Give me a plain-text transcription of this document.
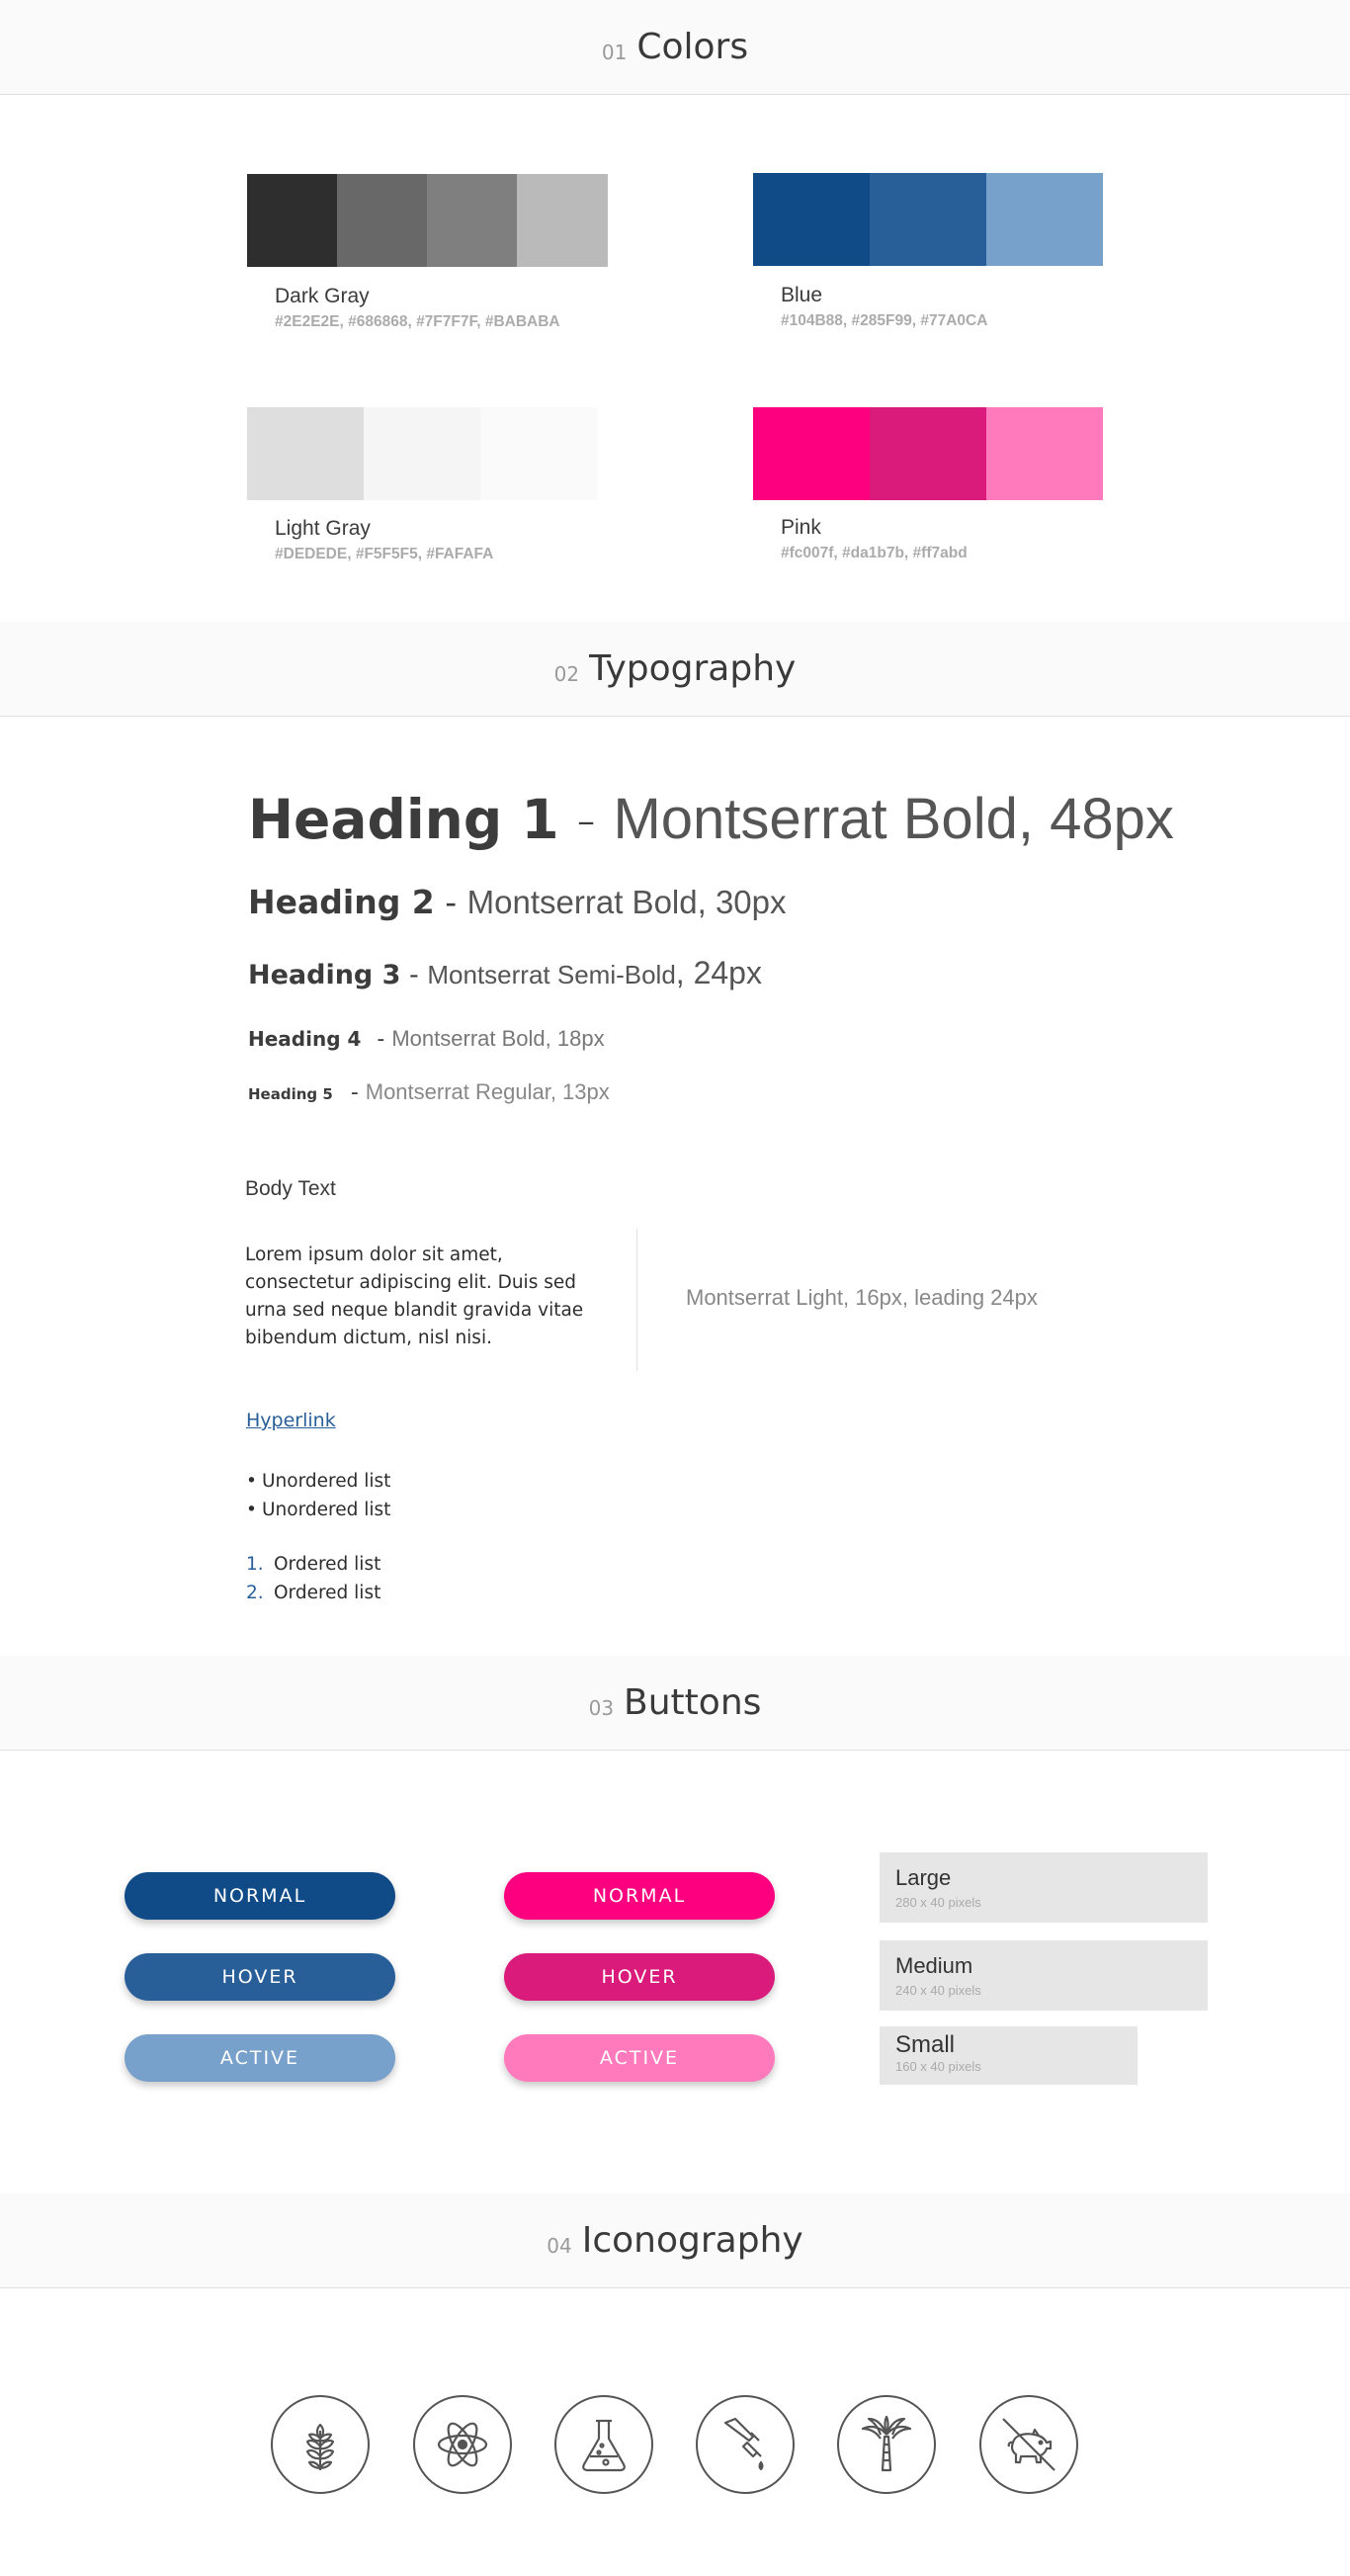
01 Colors
Dark Gray
#2E2E2E, #686868, #7F7F7F, #BABABA
Blue
#104B88, #285F99, #77A0CA
Light Gray
#DEDEDE, #F5F5F5, #FAFAFA
Pink
#fc007f, #da1b7b, #ff7abd
02 Typography
Heading 1 - Montserrat Bold, 48px
Heading 2 - Montserrat Bold, 30px
Heading 3 - Montserrat Semi-Bold , 24px
Heading 4 - Montserrat Bold, 18px
Heading 5 - Montserrat Regular, 13px
Body Text
Lorem ipsum dolor sit amet, consectetur adipiscing elit. Duis sed urna sed neque blandit gravida vitae bibendum dictum, nisl nisi.
Montserrat Light, 16px, leading 24px
Hyperlink
• Unordered list
• Unordered list
1. Ordered list
2. Ordered list
03 Buttons
NORMAL
HOVER
ACTIVE
NORMAL
HOVER
ACTIVE
Large
280 x 40 pixels
Medium
240 x 40 pixels
Small
160 x 40 pixels
04 Iconography
